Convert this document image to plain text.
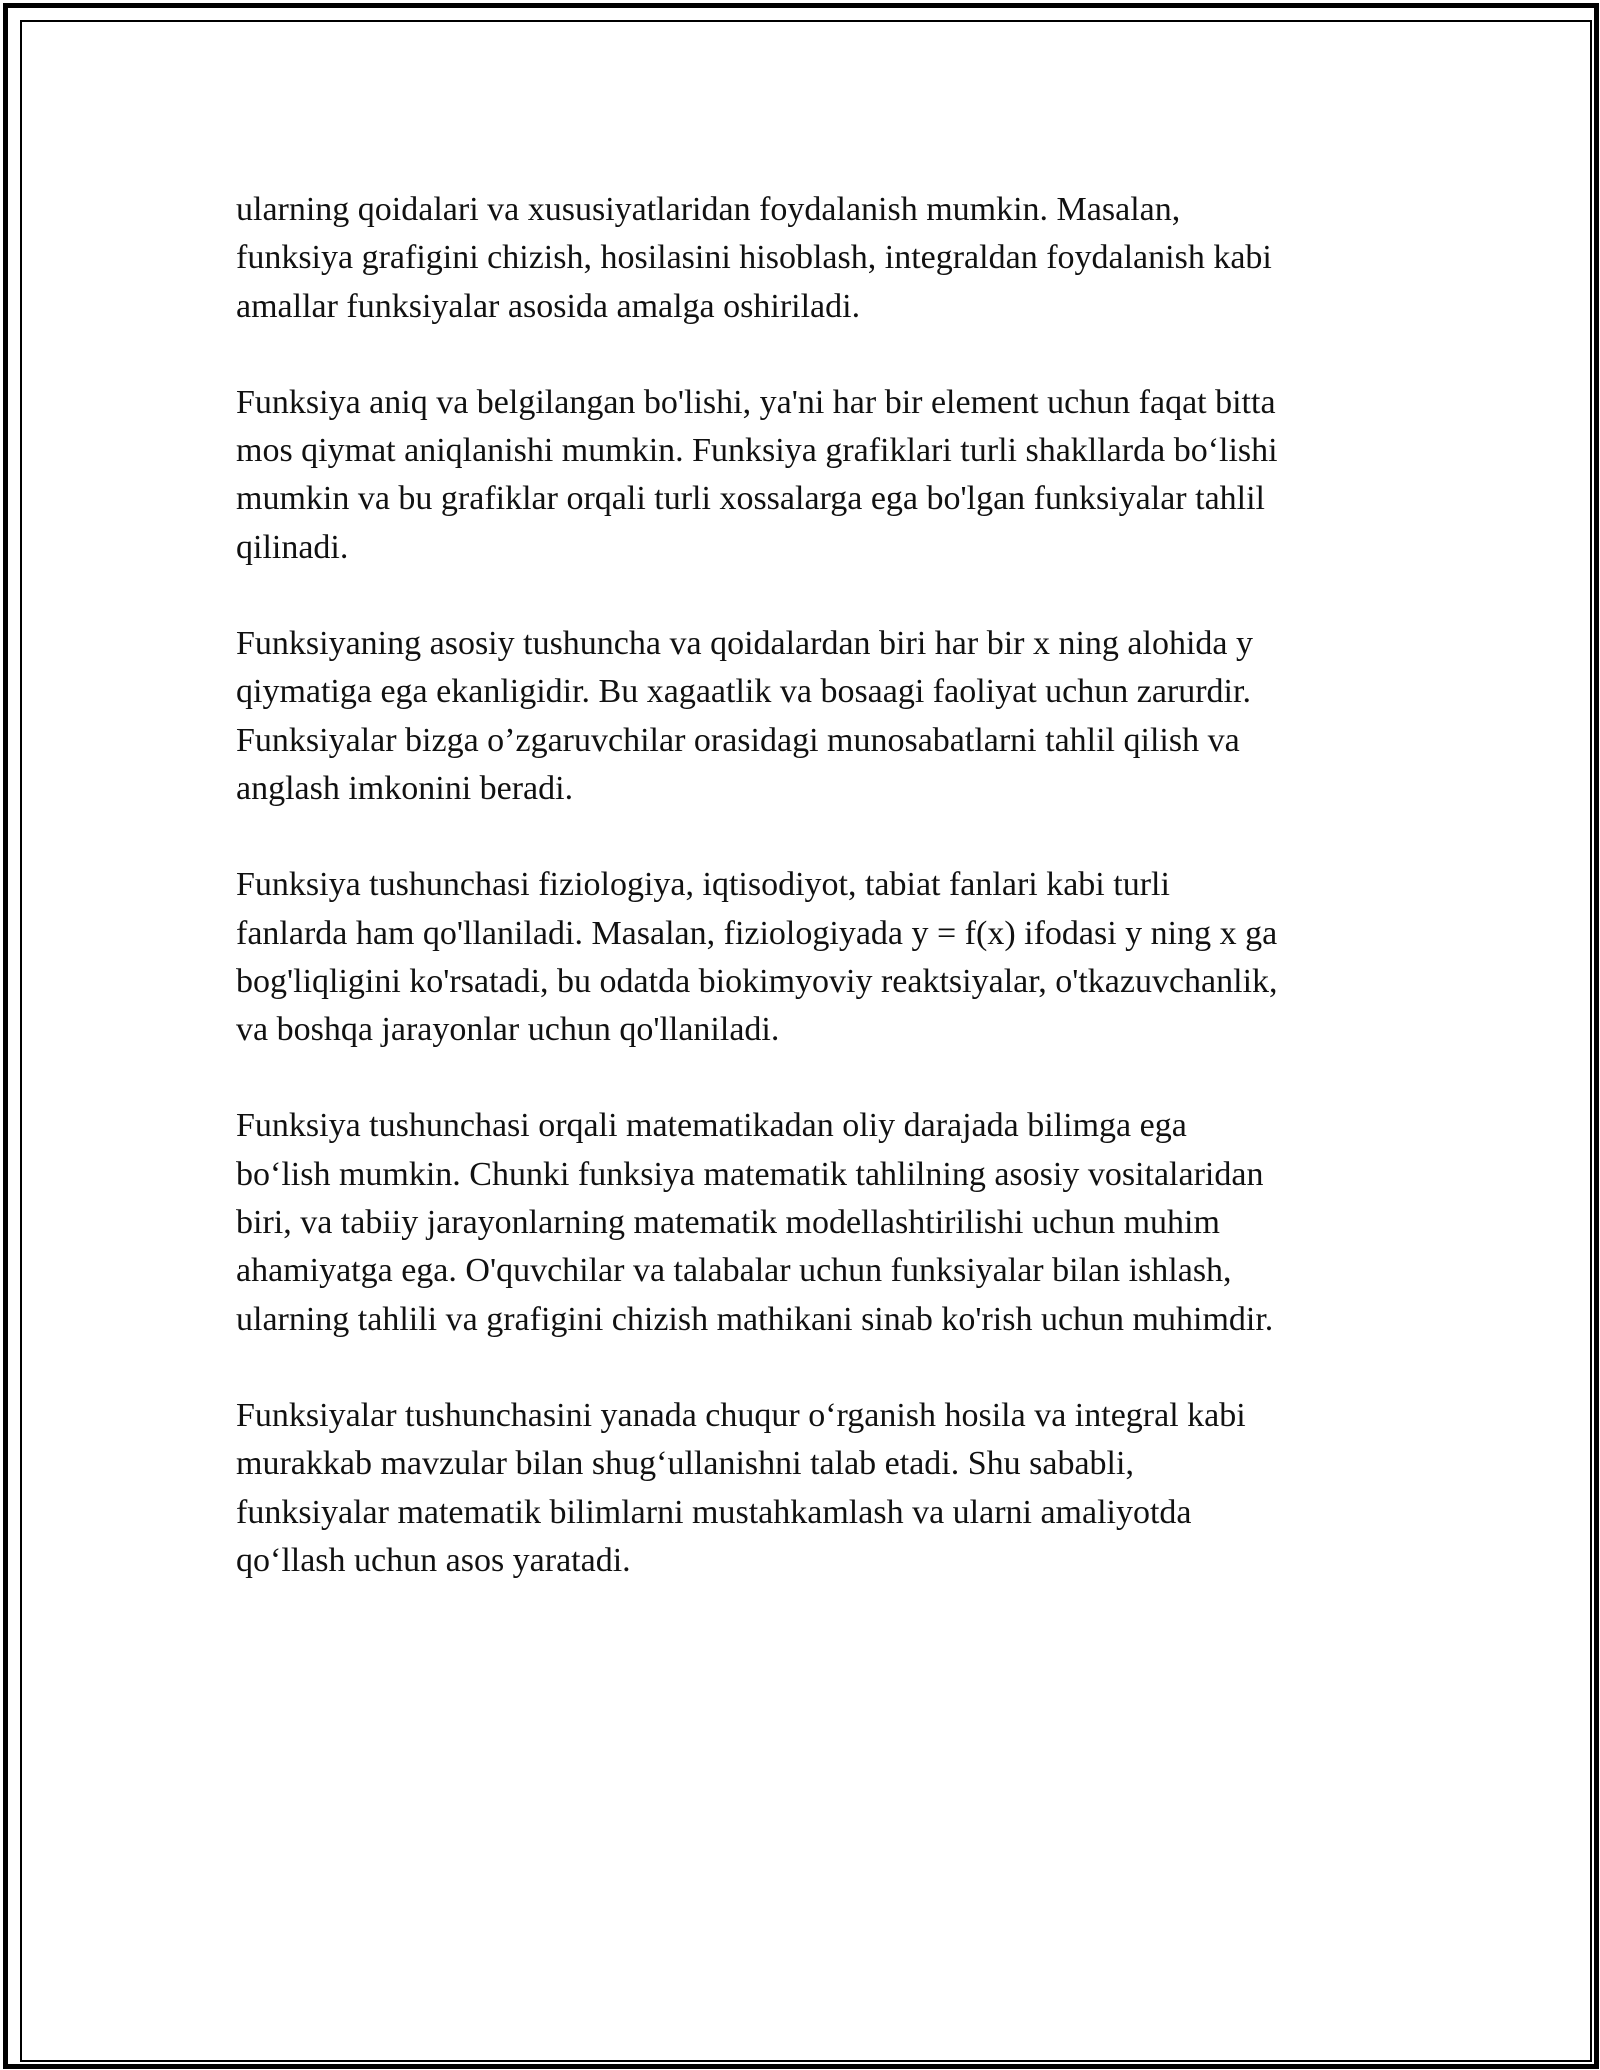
ularning qoidalari va xususiyatlaridan foydalanish mumkin. Masalan,
funksiya grafigini chizish, hosilasini hisoblash, integraldan foydalanish kabi
amallar funksiyalar asosida amalga oshiriladi.

Funksiya aniq va belgilangan bo'lishi, ya'ni har bir element uchun faqat bitta
mos qiymat aniqlanishi mumkin. Funksiya grafiklari turli shakllarda bo‘lishi
mumkin va bu grafiklar orqali turli xossalarga ega bo'lgan funksiyalar tahlil
qilinadi.

Funksiyaning asosiy tushuncha va qoidalardan biri har bir x ning alohida y
qiymatiga ega ekanligidir. Bu xagaatlik va bosaagi faoliyat uchun zarurdir.
Funksiyalar bizga o’zgaruvchilar orasidagi munosabatlarni tahlil qilish va
anglash imkonini beradi.

Funksiya tushunchasi fiziologiya, iqtisodiyot, tabiat fanlari kabi turli
fanlarda ham qo'llaniladi. Masalan, fiziologiyada y = f(x) ifodasi y ning x ga
bog'liqligini ko'rsatadi, bu odatda biokimyoviy reaktsiyalar, o'tkazuvchanlik,
va boshqa jarayonlar uchun qo'llaniladi.

Funksiya tushunchasi orqali matematikadan oliy darajada bilimga ega
bo‘lish mumkin. Chunki funksiya matematik tahlilning asosiy vositalaridan
biri, va tabiiy jarayonlarning matematik modellashtirilishi uchun muhim
ahamiyatga ega. O'quvchilar va talabalar uchun funksiyalar bilan ishlash,
ularning tahlili va grafigini chizish mathikani sinab ko'rish uchun muhimdir.

Funksiyalar tushunchasini yanada chuqur o‘rganish hosila va integral kabi
murakkab mavzular bilan shug‘ullanishni talab etadi. Shu sababli,
funksiyalar matematik bilimlarni mustahkamlash va ularni amaliyotda
qo‘llash uchun asos yaratadi.
